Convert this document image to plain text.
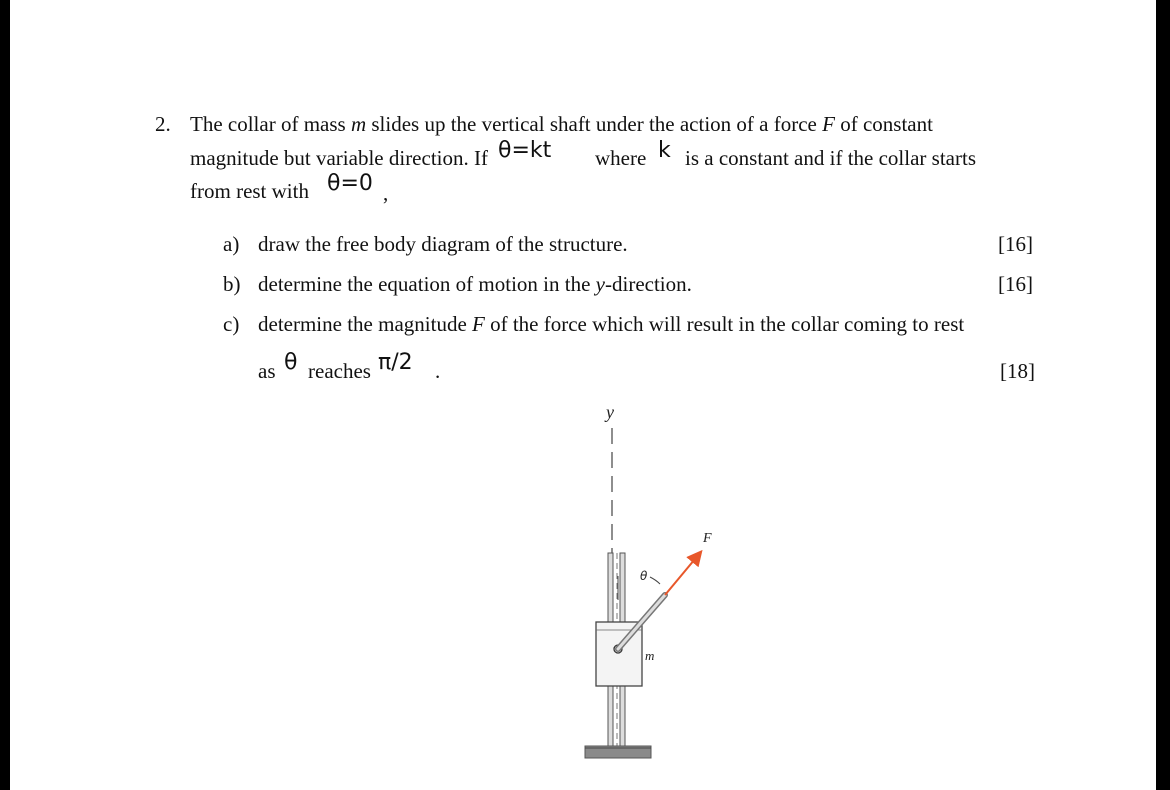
2. The collar of mass m slides up the vertical shaft under the action of a force F of constant
magnitude but variable direction. If θ=kt where k is a constant and if the collar starts
from rest with θ=0 ,
a) draw the free body diagram of the structure.	[16]
b) determine the equation of motion in the y-direction.	[16]
c) determine the magnitude F of the force which will result in the collar coming to rest
as θ reaches π/2 .	[18]
y
F
θ
m
